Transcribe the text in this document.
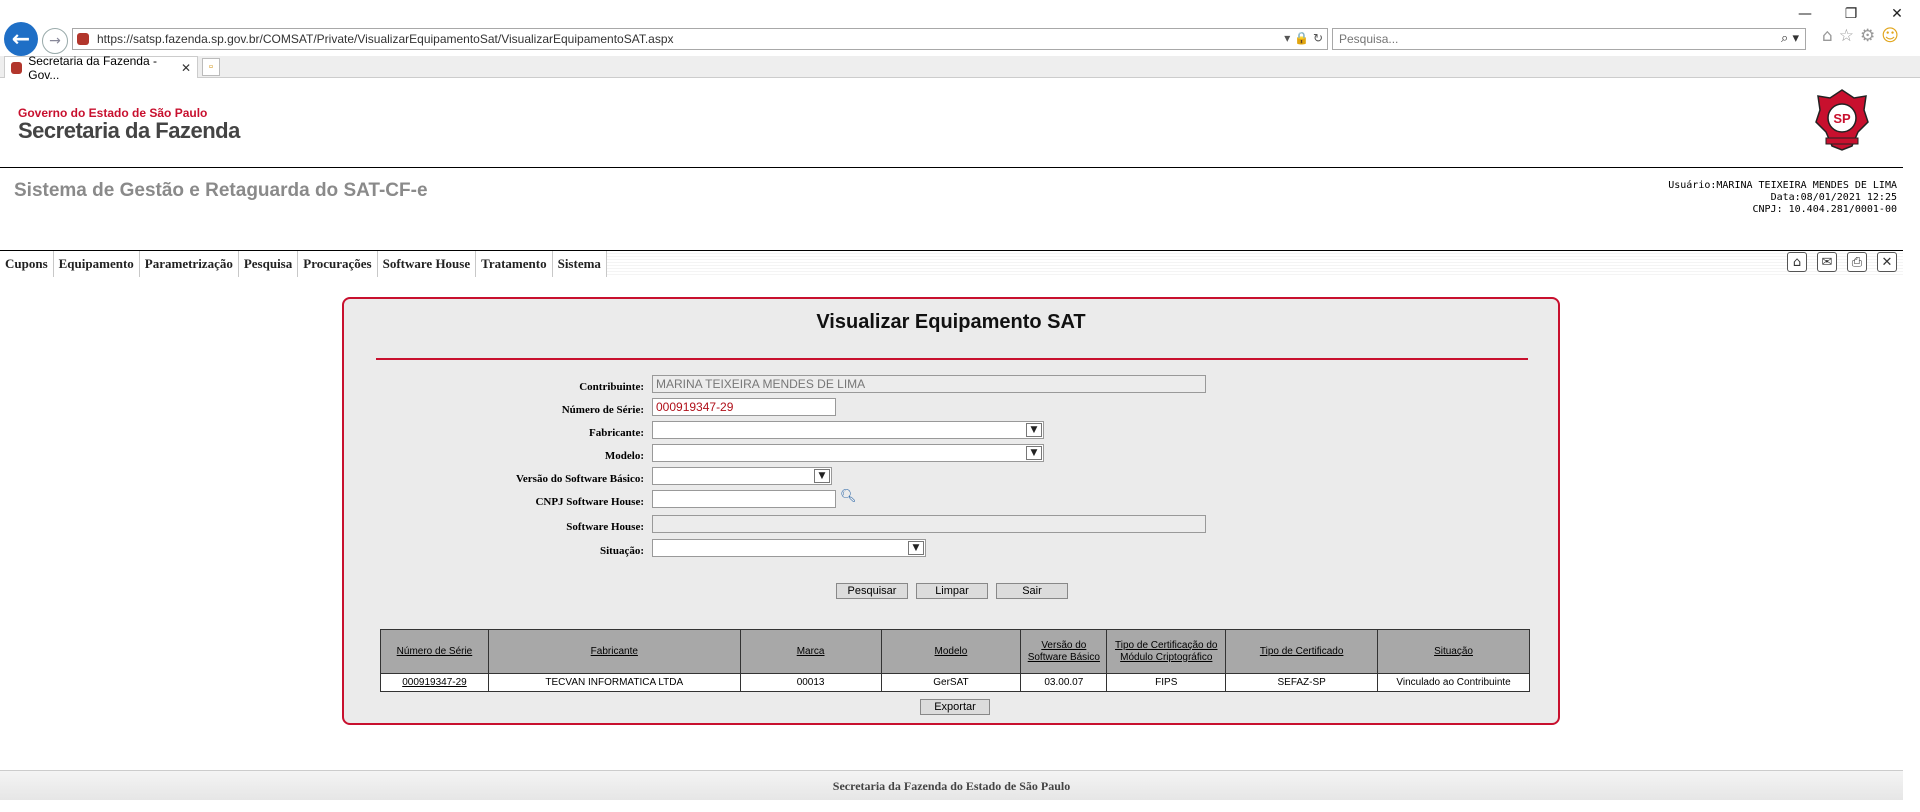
—	❐	✕
← →	https://satsp.fazenda.sp.gov.br/COMSAT/Private/VisualizarEquipamentoSat/VisualizarEquipamentoSAT.aspx	▾ 🔒 ↻
Pesquisa...	⌕ ▾ ⌂ ☆ ⚙ ☺
Secretaria da Fazenda - Gov...	✕ ▫
Governo do Estado de São Paulo
Secretaria da Fazenda	SP
Sistema de Gestão e Retaguarda do SAT-CF-e	Usuário:MARINA TEIXEIRA MENDES DE LIMA
Data:08/01/2021 12:25
CNPJ: 10.404.281/0001-00
Cupons Equipamento Parametrização Pesquisa Procurações Software House Tratamento Sistema	⌂	✉	⎙	✕
Visualizar Equipamento SAT
Contribuinte:	MARINA TEIXEIRA MENDES DE LIMA
Número de Série:	000919347-29
Fabricante:	▼
Modelo:	▼
Versão do Software Básico:	▼
CNPJ Software House:	🔍︎
Software House:
Situação:	▼
Pesquisar	Limpar	Sair
Número de Série	Fabricante	Marca	Modelo	Versão do Software Básico	Tipo de Certificação do Módulo Criptográfico	Tipo de Certificado	Situação
000919347-29	TECVAN INFORMATICA LTDA	00013	GerSAT	03.00.07	FIPS	SEFAZ-SP	Vinculado ao Contribuinte
Exportar
Secretaria da Fazenda do Estado de São Paulo
